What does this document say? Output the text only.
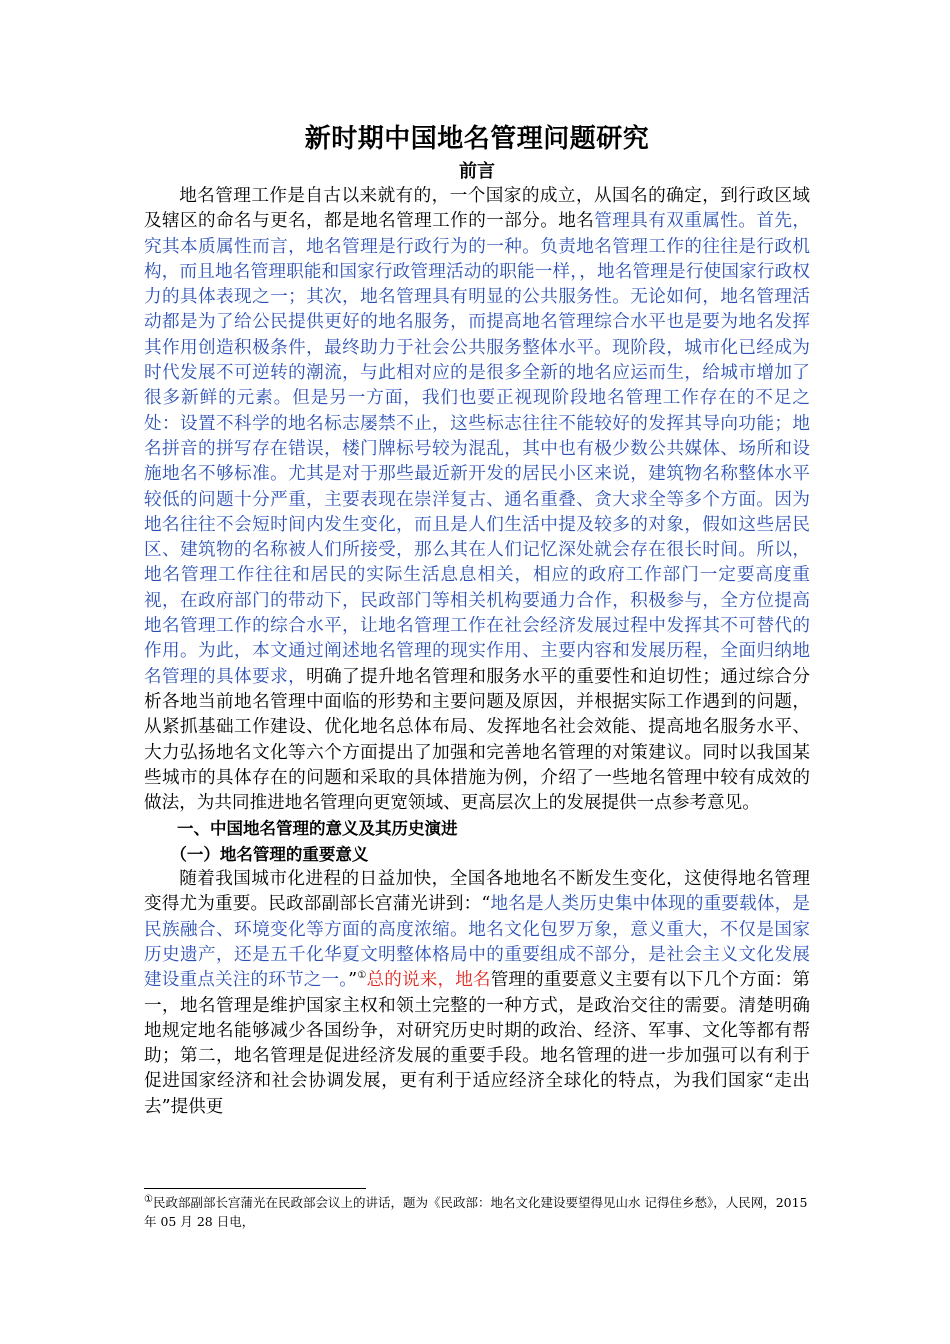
新时期中国地名管理问题研究
前言

地名管理工作是自古以来就有的，一个国家的成立，从国名的确定，到行政区域及辖区的命名与更名，都是地名管理工作的一部分。地名管理具有双重属性。首先，究其本质属性而言，地名管理是行政行为的一种。负责地名管理工作的往往是行政机构，而且地名管理职能和国家行政管理活动的职能一样，，地名管理是行使国家行政权力的具体表现之一；其次，地名管理具有明显的公共服务性。无论如何，地名管理活动都是为了给公民提供更好的地名服务，而提高地名管理综合水平也是要为地名发挥其作用创造积极条件，最终助力于社会公共服务整体水平。现阶段，城市化已经成为时代发展不可逆转的潮流，与此相对应的是很多全新的地名应运而生，给城市增加了很多新鲜的元素。但是另一方面，我们也要正视现阶段地名管理工作存在的不足之处：设置不科学的地名标志屡禁不止，这些标志往往不能较好的发挥其导向功能；地名拼音的拼写存在错误，楼门牌标号较为混乱，其中也有极少数公共媒体、场所和设施地名不够标准。尤其是对于那些最近新开发的居民小区来说，建筑物名称整体水平较低的问题十分严重，主要表现在崇洋复古、通名重叠、贪大求全等多个方面。因为地名往往不会短时间内发生变化，而且是人们生活中提及较多的对象，假如这些居民区、建筑物的名称被人们所接受，那么其在人们记忆深处就会存在很长时间。所以，地名管理工作往往和居民的实际生活息息相关，相应的政府工作部门一定要高度重视，在政府部门的带动下，民政部门等相关机构要通力合作，积极参与，全方位提高地名管理工作的综合水平，让地名管理工作在社会经济发展过程中发挥其不可替代的作用。为此，本文通过阐述地名管理的现实作用、主要内容和发展历程，全面归纳地名管理的具体要求，明确了提升地名管理和服务水平的重要性和迫切性；通过综合分析各地当前地名管理中面临的形势和主要问题及原因，并根据实际工作遇到的问题，从紧抓基础工作建设、优化地名总体布局、发挥地名社会效能、提高地名服务水平、大力弘扬地名文化等六个方面提出了加强和完善地名管理的对策建议。同时以我国某些城市的具体存在的问题和采取的具体措施为例，介绍了一些地名管理中较有成效的做法，为共同推进地名管理向更宽领域、更高层次上的发展提供一点参考意见。

一、中国地名管理的意义及其历史演进

（一）地名管理的重要意义

随着我国城市化进程的日益加快，全国各地地名不断发生变化，这使得地名管理变得尤为重要。民政部副部长宫蒲光讲到：“地名是人类历史集中体现的重要载体，是民族融合、环境变化等方面的高度浓缩。地名文化包罗万象，意义重大，不仅是国家历史遗产，还是五千化华夏文明整体格局中的重要组成不部分，是社会主义文化发展建设重点关注的环节之一。”①总的说来，地名管理的重要意义主要有以下几个方面：第一，地名管理是维护国家主权和领土完整的一种方式，是政治交往的需要。清楚明确地规定地名能够减少各国纷争，对研究历史时期的政治、经济、军事、文化等都有帮助；第二，地名管理是促进经济发展的重要手段。地名管理的进一步加强可以有利于促进国家经济和社会协调发展，更有利于适应经济全球化的特点，为我们国家“走出去”提供更

①民政部副部长宫蒲光在民政部会议上的讲话，题为《民政部：地名文化建设要望得见山水 记得住乡愁》，人民网，2015 年 05 月 28 日电，
